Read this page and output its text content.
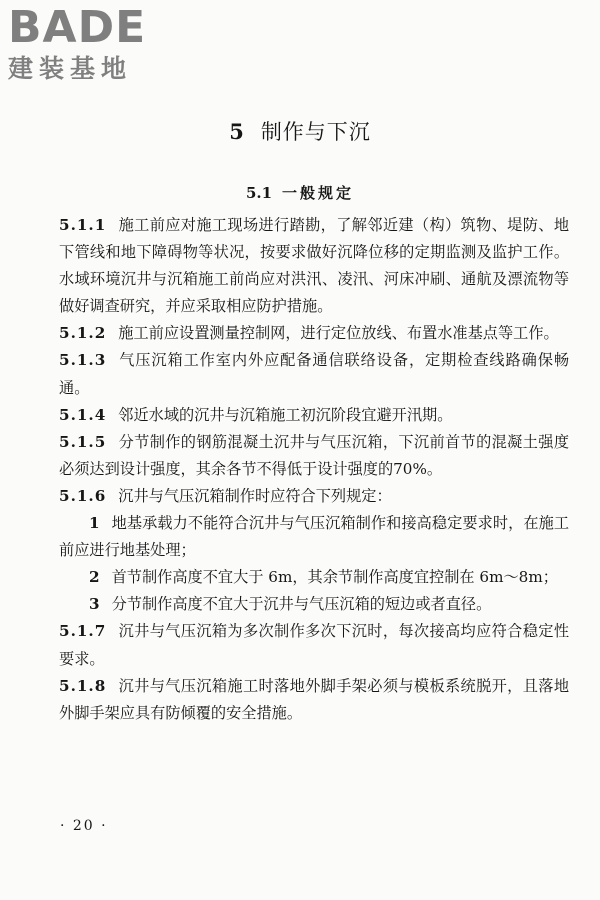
BADE
建装基地
5 制作与下沉
5.1 一般规定

5.1.1 施工前应对施工现场进行踏勘，了解邻近建（构）筑物、堤防、地下管线和地下障碍物等状况，按要求做好沉降位移的定期监测及监护工作。水域环境沉井与沉箱施工前尚应对洪汛、凌汛、河床冲刷、通航及漂流物等做好调查研究，并应采取相应防护措施。

5.1.2 施工前应设置测量控制网，进行定位放线、布置水准基点等工作。

5.1.3 气压沉箱工作室内外应配备通信联络设备，定期检查线路确保畅通。

5.1.4 邻近水域的沉井与沉箱施工初沉阶段宜避开汛期。

5.1.5 分节制作的钢筋混凝土沉井与气压沉箱，下沉前首节的混凝土强度必须达到设计强度，其余各节不得低于设计强度的70%。

5.1.6 沉井与气压沉箱制作时应符合下列规定：

1 地基承载力不能符合沉井与气压沉箱制作和接高稳定要求时，在施工前应进行地基处理；

2 首节制作高度不宜大于 6m，其余节制作高度宜控制在 6m～8m；

3 分节制作高度不宜大于沉井与气压沉箱的短边或者直径。

5.1.7 沉井与气压沉箱为多次制作多次下沉时，每次接高均应符合稳定性要求。

5.1.8 沉井与气压沉箱施工时落地外脚手架必须与模板系统脱开，且落地外脚手架应具有防倾覆的安全措施。

· 20 ·
